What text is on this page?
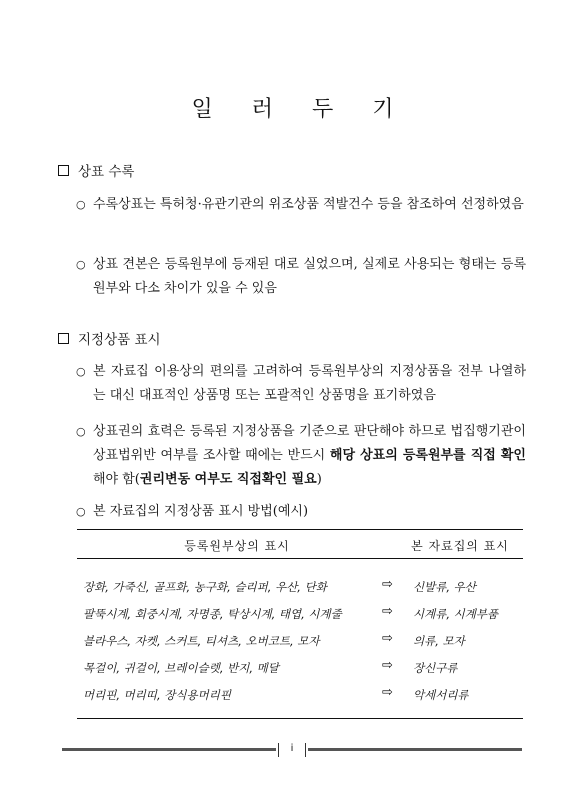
일 러 두 기
상표 수록
○ 수록상표는 특허청·유관기관의 위조상품 적발건수 등을 참조하여 선정하였음
○ 상표 견본은 등록원부에 등재된 대로 실었으며, 실제로 사용되는 형태는 등록원부와 다소 차이가 있을 수 있음
지정상품 표시
○ 본 자료집 이용상의 편의를 고려하여 등록원부상의 지정상품을 전부 나열하는 대신 대표적인 상품명 또는 포괄적인 상품명을 표기하였음
○ 상표권의 효력은 등록된 지정상품을 기준으로 판단해야 하므로 법집행기관이 상표법위반 여부를 조사할 때에는 반드시 해당 상표의 등록원부를 직접 확인해야 함(권리변동 여부도 직접확인 필요)
○ 본 자료집의 지정상품 표시 방법(예시)
등록원부상의 표시	본 자료집의 표시
장화, 가죽신, 골프화, 농구화, 슬리퍼, 우산, 단화	⇨ 신발류, 우산
팔뚝시계, 회중시계, 자명종, 탁상시계, 태엽, 시계줄	⇨ 시계류, 시계부품
블라우스, 자켓, 스커트, 티셔츠, 오버코트, 모자	⇨ 의류, 모자
목걸이, 귀걸이, 브레이슬렛, 반지, 메달	⇨ 장신구류
머리핀, 머리띠, 장식용머리핀	⇨ 악세서리류
i
